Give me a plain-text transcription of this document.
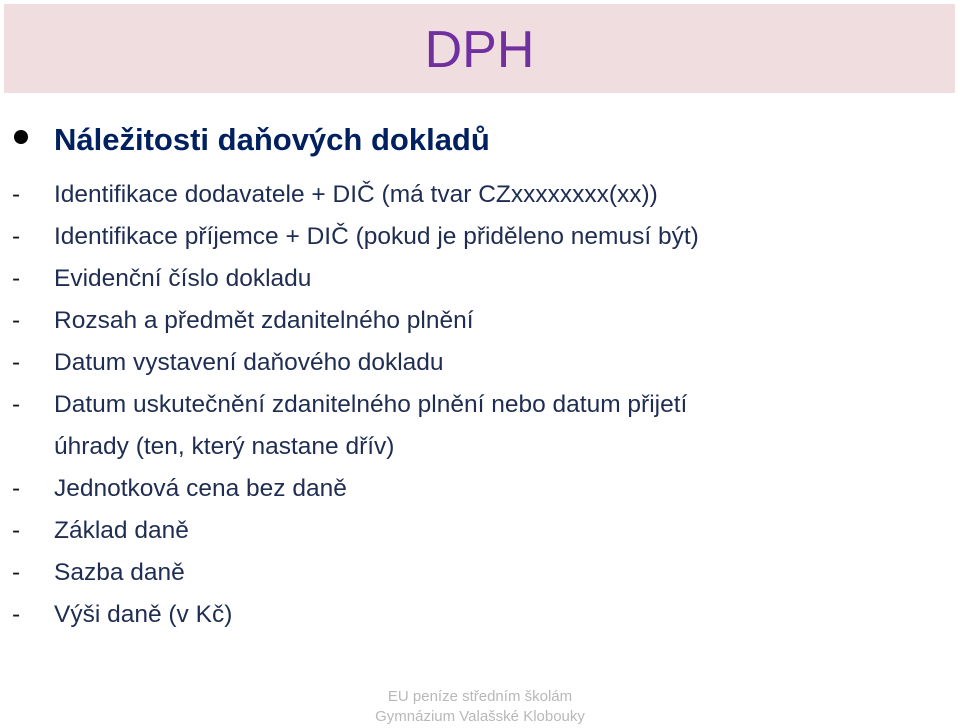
DPH
Náležitosti daňových dokladů
-	Identifikace dodavatele + DIČ (má tvar CZxxxxxxxx(xx))
-	Identifikace příjemce + DIČ (pokud je přiděleno nemusí být)
-	Evidenční číslo dokladu
-	Rozsah a předmět zdanitelného plnění
-	Datum vystavení daňového dokladu
-	Datum uskutečnění zdanitelného plnění nebo datum přijetí
úhrady (ten, který nastane dřív)
-	Jednotková cena bez daně
-	Základ daně
-	Sazba daně
-	Výši daně (v Kč)
EU peníze středním školám
Gymnázium Valašské Klobouky
